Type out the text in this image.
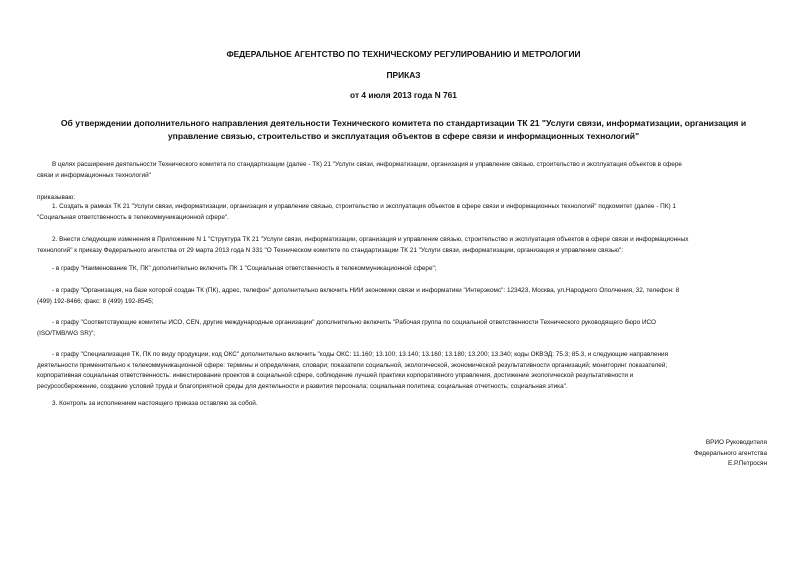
ФЕДЕРАЛЬНОЕ АГЕНТСТВО ПО ТЕХНИЧЕСКОМУ РЕГУЛИРОВАНИЮ И МЕТРОЛОГИИ
ПРИКАЗ
от 4 июля 2013 года N 761
Об утверждении дополнительного направления деятельности Технического комитета по стандартизации ТК 21 "Услуги связи, информатизации, организация и
управление связью, строительство и эксплуатация объектов в сфере связи и информационных технологий"
В целях расширения деятельности Технического комитета по стандартизации (далее - ТК) 21 "Услуги связи, информатизации, организация и управление связью, строительство и эксплуатация объектов в сфере
связи и информационных технологий"
приказываю:
1. Создать в рамках ТК 21 "Услуги связи, информатизации, организация и управление связью, строительство и эксплуатация объектов в сфере связи и информационных технологий" подкомитет (далее - ПК) 1
"Социальная ответственность в телекоммуникационной сфере".
2. Внести следующие изменения в Приложение N 1 "Структура ТК 21 "Услуги связи, информатизации, организация и управление связью, строительство и эксплуатация объектов в сфере связи и информационных
технологий" к приказу Федерального агентства от 29 марта 2013 года N 331 "О Техническом комитете по стандартизации ТК 21 "Услуги связи, информатизации, организация и управление связью":
- в графу "Наименование ТК, ПК" дополнительно включить ПК 1 "Социальная ответственность в телекоммуникационной сфере";
- в графу "Организация, на базе которой создан ТК (ПК), адрес, телефон" дополнительно включить НИИ экономики связи и информатики "Интерэкомс": 123423, Москва, ул.Народного Ополчения, 32, телефон: 8
(499) 192-8466; факс: 8 (499) 192-8545;
- в графу "Соответствующие комитеты ИСО, CEN, другие международные организации" дополнительно включить "Рабочая группа по социальной ответственности Технического руководящего бюро ИСО
(ISO/TMB/WG SR)";
- в графу "Специализация ТК, ПК по виду продукции, код ОКС" дополнительно включить "коды ОКС: 11.160; 13.100; 13.140; 13.160; 13.180; 13.200; 13.340; коды ОКВЭД: 75.3; 85.3, и следующие направления
деятельности применительно к телекоммуникационной сфере: термины и определения, словари; показатели социальной, экологической, экономической результативности организаций; мониторинг показателей;
корпоративная социальная ответственность: инвестирование проектов в социальной сфере, соблюдение лучшей практики корпоративного управления, достижение экологической результативности и
ресурсосбережение, создание условий труда и благоприятной среды для деятельности и развития персонала; социальная политика; социальная отчетность; социальная этика".
3. Контроль за исполнением настоящего приказа оставляю за собой.
ВРИО Руководителя
Федерального агентства
Е.Р.Петросян
